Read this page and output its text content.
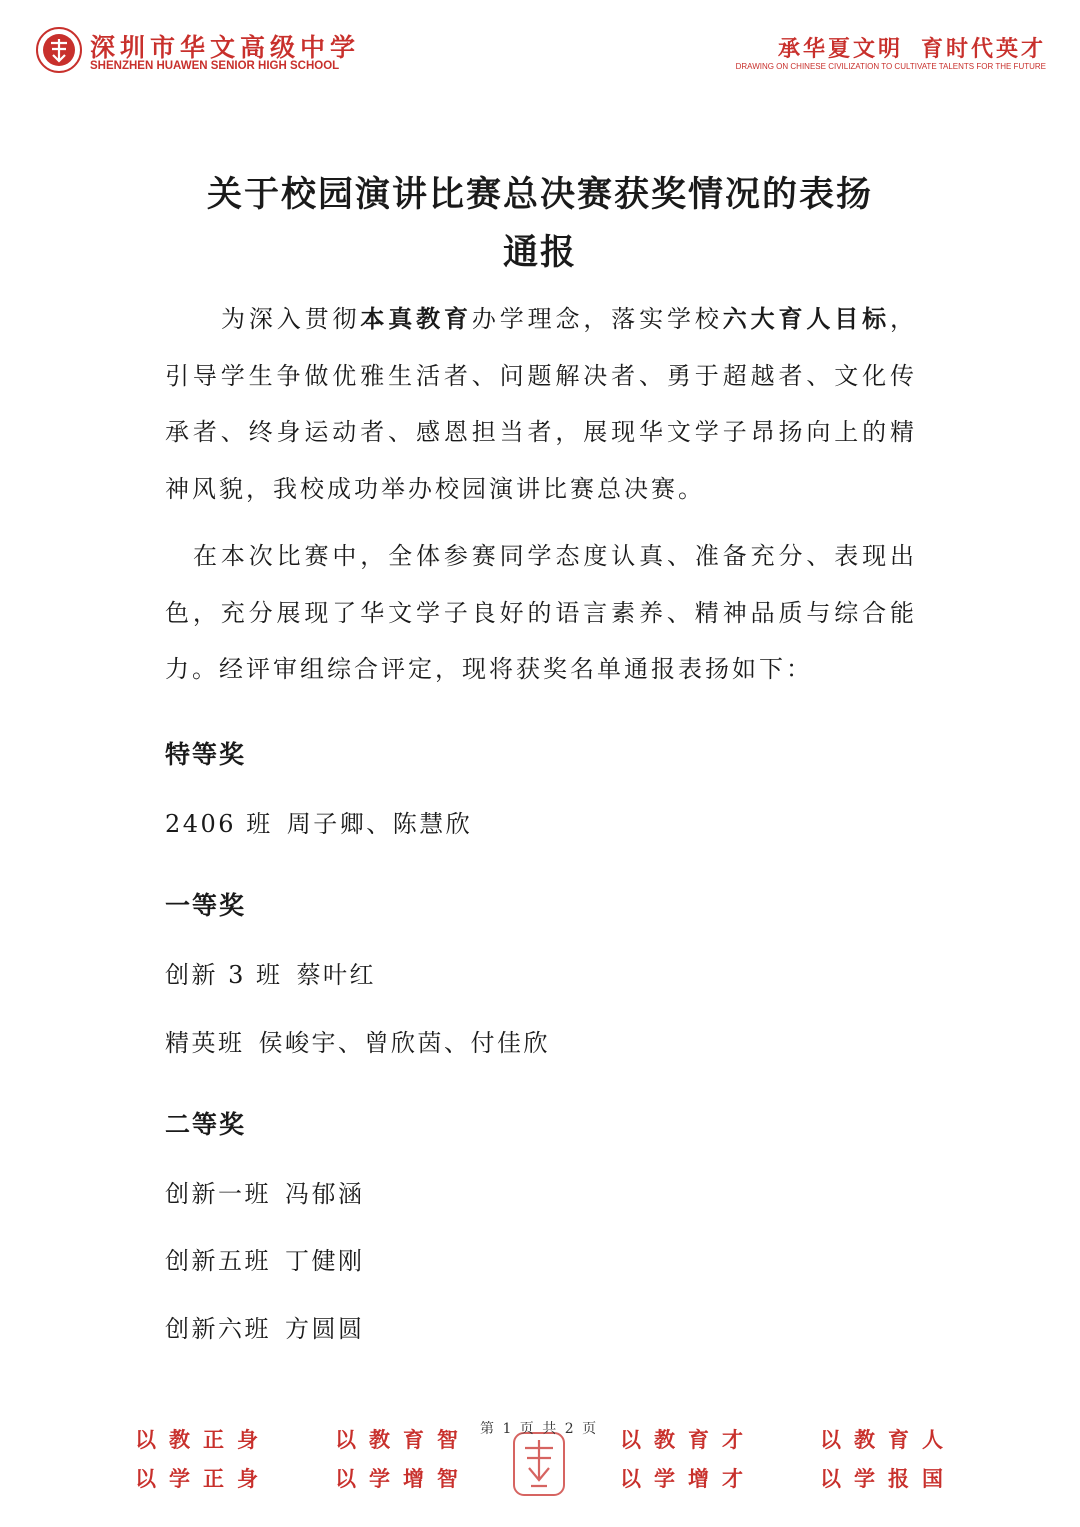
深圳市华文高级中学
SHENZHEN HUAWEN SENIOR HIGH SCHOOL
承华夏文明 育时代英才
DRAWING ON CHINESE CIVILIZATION TO CULTIVATE TALENTS FOR THE FUTURE
关于校园演讲比赛总决赛获奖情况的表扬
通报
为深入贯彻本真教育办学理念，落实学校六大育人目标，引导学生争做优雅生活者、问题解决者、勇于超越者、文化传承者、终身运动者、感恩担当者，展现华文学子昂扬向上的精神风貌，我校成功举办校园演讲比赛总决赛。
在本次比赛中，全体参赛同学态度认真、准备充分、表现出色，充分展现了华文学子良好的语言素养、精神品质与综合能力。经评审组综合评定，现将获奖名单通报表扬如下：
特等奖
2406 班 周子卿、陈慧欣
一等奖
创新 3 班 蔡叶红
精英班 侯峻宇、曾欣茵、付佳欣
二等奖
创新一班 冯郁涵
创新五班 丁健刚
创新六班 方圆圆
以教正身
以学正身
以教育智
以学增智
以教育才
以学增才
以教育人
以学报国
第 1 页 共 2 页
